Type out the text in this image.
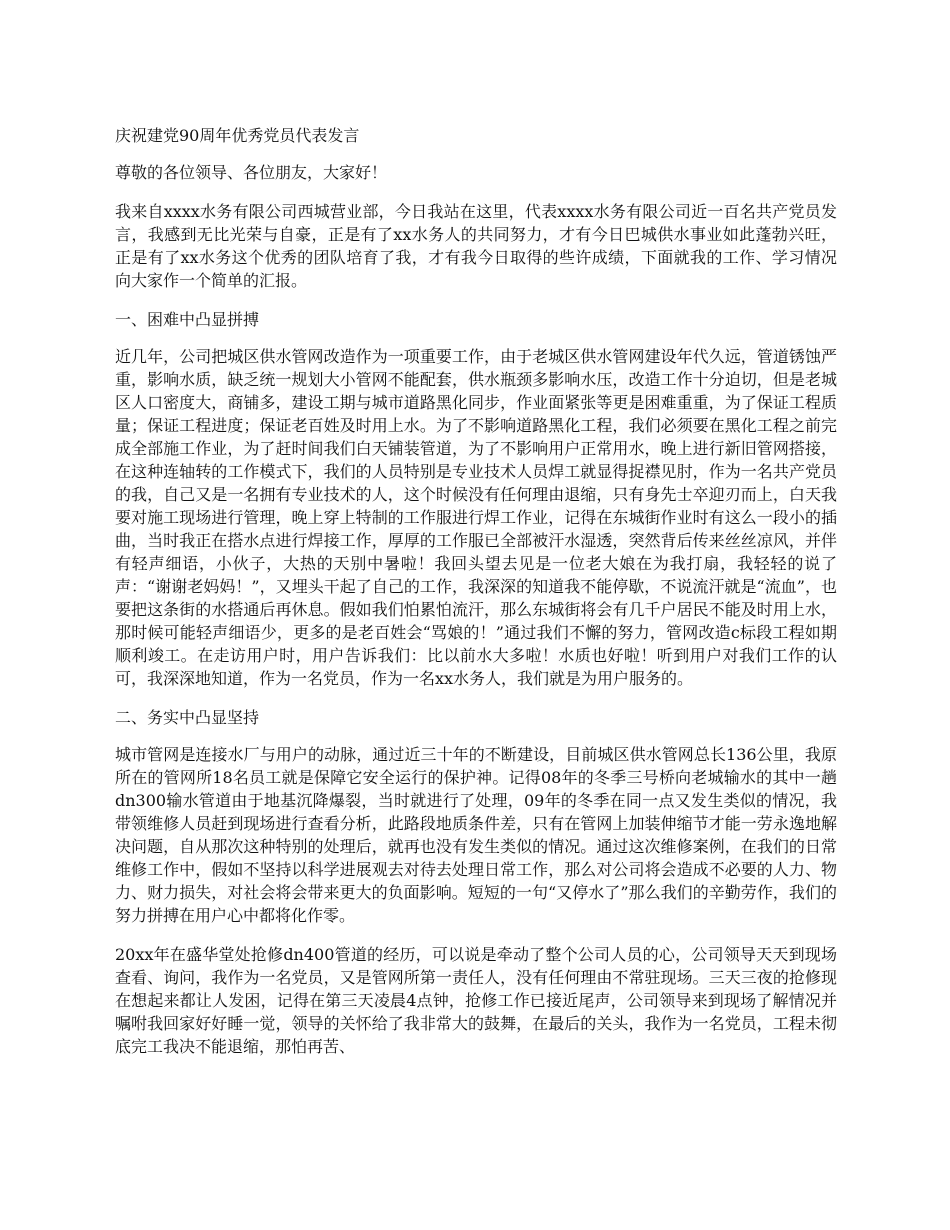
庆祝建党90周年优秀党员代表发言

尊敬的各位领导、各位朋友，大家好！

我来自xxxx水务有限公司西城营业部，今日我站在这里，代表xxxx水务有限公司近一百名共产党员发言，我感到无比光荣与自豪，正是有了xx水务人的共同努力，才有今日巴城供水事业如此蓬勃兴旺，正是有了xx水务这个优秀的团队培育了我，才有我今日取得的些许成绩，下面就我的工作、学习情况向大家作一个简单的汇报。

一、困难中凸显拼搏

近几年，公司把城区供水管网改造作为一项重要工作，由于老城区供水管网建设年代久远，管道锈蚀严重，影响水质，缺乏统一规划大小管网不能配套，供水瓶颈多影响水压，改造工作十分迫切，但是老城区人口密度大，商铺多，建设工期与城市道路黑化同步，作业面紧张等更是困难重重，为了保证工程质量；保证工程进度；保证老百姓及时用上水。为了不影响道路黑化工程，我们必须要在黑化工程之前完成全部施工作业，为了赶时间我们白天铺装管道，为了不影响用户正常用水，晚上进行新旧管网搭接，在这种连轴转的工作模式下，我们的人员特别是专业技术人员焊工就显得捉襟见肘，作为一名共产党员的我，自己又是一名拥有专业技术的人，这个时候没有任何理由退缩，只有身先士卒迎刃而上，白天我要对施工现场进行管理，晚上穿上特制的工作服进行焊工作业，记得在东城街作业时有这么一段小的插曲，当时我正在搭水点进行焊接工作，厚厚的工作服已全部被汗水湿透，突然背后传来丝丝凉风，并伴有轻声细语，小伙子，大热的天别中暑啦！我回头望去见是一位老大娘在为我打扇，我轻轻的说了声：“谢谢老妈妈！”，又埋头干起了自己的工作，我深深的知道我不能停歇，不说流汗就是“流血”，也要把这条街的水搭通后再休息。假如我们怕累怕流汗，那么东城街将会有几千户居民不能及时用上水，那时候可能轻声细语少，更多的是老百姓会“骂娘的！”通过我们不懈的努力，管网改造c标段工程如期顺利竣工。在走访用户时，用户告诉我们：比以前水大多啦！水质也好啦！听到用户对我们工作的认可，我深深地知道，作为一名党员，作为一名xx水务人，我们就是为用户服务的。

二、务实中凸显坚持

城市管网是连接水厂与用户的动脉，通过近三十年的不断建设，目前城区供水管网总长136公里，我原所在的管网所18名员工就是保障它安全运行的保护神。记得08年的冬季三号桥向老城输水的其中一趟dn300输水管道由于地基沉降爆裂，当时就进行了处理，09年的冬季在同一点又发生类似的情况，我带领维修人员赶到现场进行查看分析，此路段地质条件差，只有在管网上加装伸缩节才能一劳永逸地解决问题，自从那次这种特别的处理后，就再也没有发生类似的情况。通过这次维修案例，在我们的日常维修工作中，假如不坚持以科学进展观去对待去处理日常工作，那么对公司将会造成不必要的人力、物力、财力损失，对社会将会带来更大的负面影响。短短的一句“又停水了”那么我们的辛勤劳作，我们的努力拼搏在用户心中都将化作零。

20xx年在盛华堂处抢修dn400管道的经历，可以说是牵动了整个公司人员的心，公司领导天天到现场查看、询问，我作为一名党员，又是管网所第一责任人，没有任何理由不常驻现场。三天三夜的抢修现在想起来都让人发困，记得在第三天凌晨4点钟，抢修工作已接近尾声，公司领导来到现场了解情况并嘱咐我回家好好睡一觉，领导的关怀给了我非常大的鼓舞，在最后的关头，我作为一名党员，工程未彻底完工我决不能退缩，那怕再苦、
